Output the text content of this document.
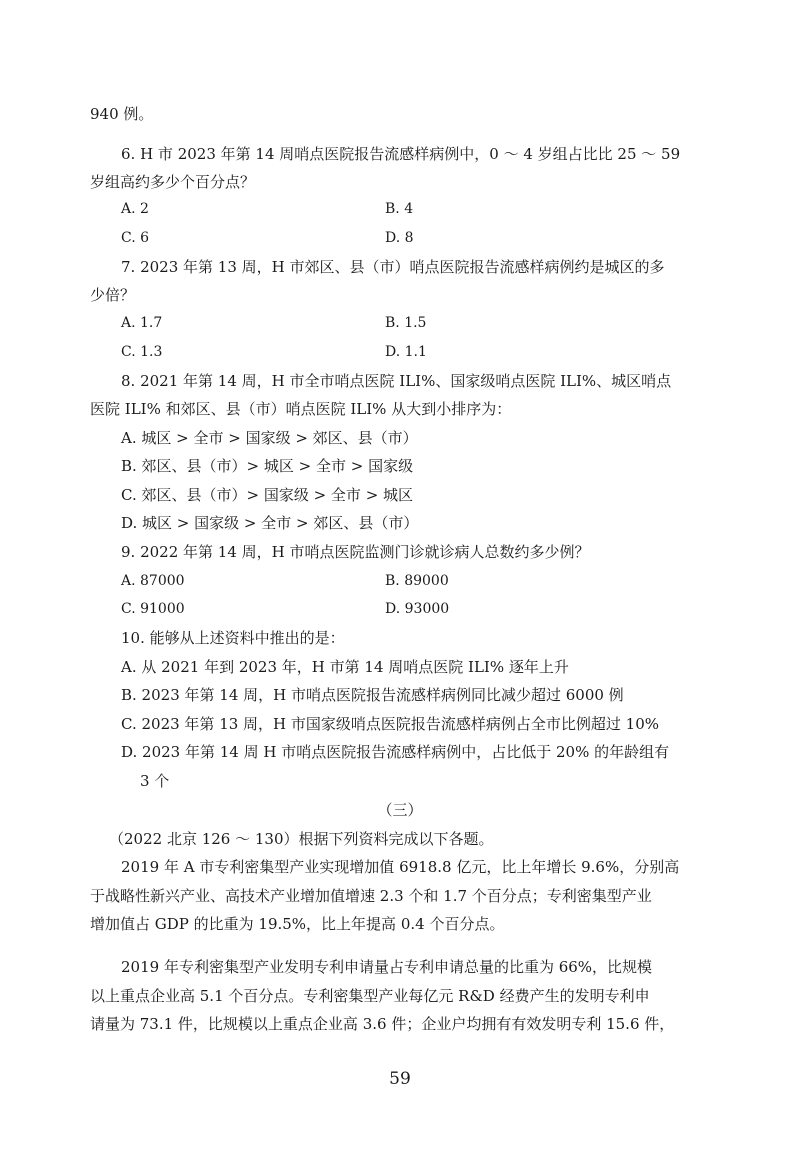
940 例。
6. H 市 2023 年第 14 周哨点医院报告流感样病例中，0 ～ 4 岁组占比比 25 ～ 59
岁组高约多少个百分点？
A. 2	B. 4
C. 6	D. 8
7. 2023 年第 13 周，H 市郊区、县（市）哨点医院报告流感样病例约是城区的多
少倍？
A. 1.7	B. 1.5
C. 1.3	D. 1.1
8. 2021 年第 14 周，H 市全市哨点医院 ILI%、国家级哨点医院 ILI%、城区哨点
医院 ILI% 和郊区、县（市）哨点医院 ILI% 从大到小排序为：
A. 城区 > 全市 > 国家级 > 郊区、县（市）
B. 郊区、县（市）> 城区 > 全市 > 国家级
C. 郊区、县（市）> 国家级 > 全市 > 城区
D. 城区 > 国家级 > 全市 > 郊区、县（市）
9. 2022 年第 14 周，H 市哨点医院监测门诊就诊病人总数约多少例？
A. 87000	B. 89000
C. 91000	D. 93000
10. 能够从上述资料中推出的是：
A. 从 2021 年到 2023 年，H 市第 14 周哨点医院 ILI% 逐年上升
B. 2023 年第 14 周，H 市哨点医院报告流感样病例同比减少超过 6000 例
C. 2023 年第 13 周，H 市国家级哨点医院报告流感样病例占全市比例超过 10%
D. 2023 年第 14 周 H 市哨点医院报告流感样病例中，占比低于 20% 的年龄组有
3 个
（三）
（2022 北京 126 ～ 130）根据下列资料完成以下各题。
2019 年 A 市专利密集型产业实现增加值 6918.8 亿元，比上年增长 9.6%，分别高
于战略性新兴产业、高技术产业增加值增速 2.3 个和 1.7 个百分点；专利密集型产业
增加值占 GDP 的比重为 19.5%，比上年提高 0.4 个百分点。
2019 年专利密集型产业发明专利申请量占专利申请总量的比重为 66%，比规模
以上重点企业高 5.1 个百分点。专利密集型产业每亿元 R&D 经费产生的发明专利申
请量为 73.1 件，比规模以上重点企业高 3.6 件；企业户均拥有有效发明专利 15.6 件，
59
